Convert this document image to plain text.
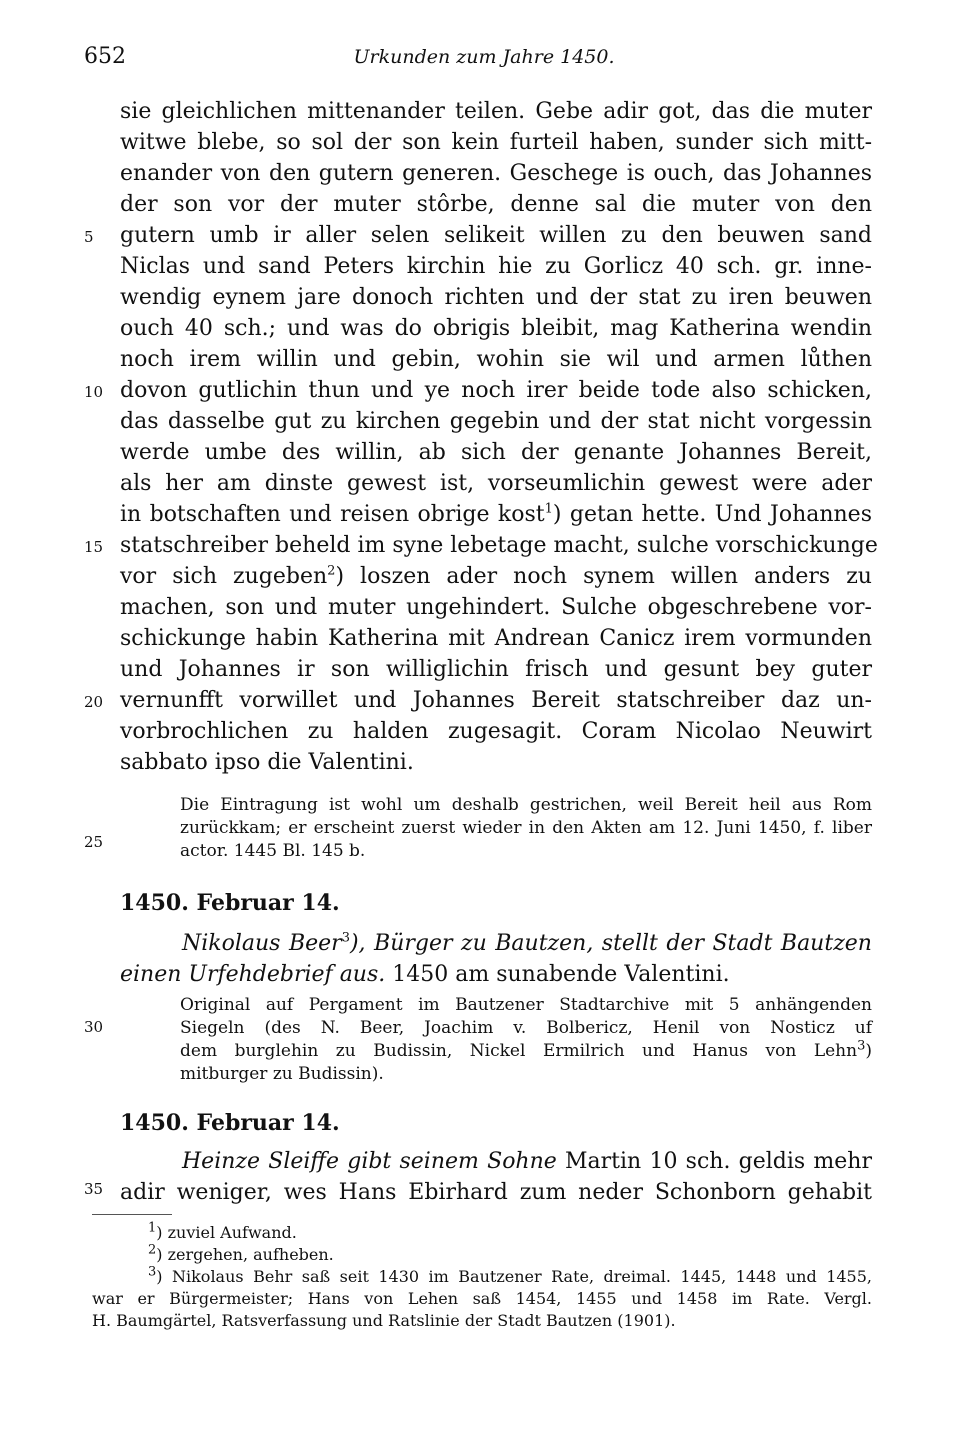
652	Urkunden zum Jahre 1450.
sie gleichlichen mittenander teilen. Gebe adir got, das die muter
witwe blebe, so sol der son kein furteil haben, sunder sich mitt-
enander von den gutern generen. Geschege is ouch, das Johannes
der son vor der muter stôrbe, denne sal die muter von den
gutern umb ir aller selen selikeit willen zu den beuwen sand
Niclas und sand Peters kirchin hie zu Gorlicz 40 sch. gr. inne-
wendig eynem jare donoch richten und der stat zu iren beuwen
ouch 40 sch.; und was do obrigis bleibit, mag Katherina wendin
noch irem willin und gebin, wohin sie wil und armen lůthen
dovon gutlichin thun und ye noch irer beide tode also schicken,
das dasselbe gut zu kirchen gegebin und der stat nicht vorgessin
werde umbe des willin, ab sich der genante Johannes Bereit,
als her am dinste gewest ist, vorseumlichin gewest were ader
in botschaften und reisen obrige kost$^1$) getan hette. Und Johannes
statschreiber beheld im syne lebetage macht, sulche vorschickunge
vor sich zugeben$^2$) loszen ader noch synem willen anders zu
machen, son und muter ungehindert. Sulche obgeschrebene vor-
schickunge habin Katherina mit Andrean Canicz irem vormunden
und Johannes ir son williglichin frisch und gesunt bey guter
vernunfft vorwillet und Johannes Bereit statschreiber daz un-
vorbrochlichen zu halden zugesagit. Coram Nicolao Neuwirt
sabbato ipso die Valentini.
5
10
15
20
25
30
35
Die Eintragung ist wohl um deshalb gestrichen, weil Bereit heil aus Rom
zurückkam; er erscheint zuerst wieder in den Akten am 12. Juni 1450, f. liber
actor. 1445 Bl. 145 b.
1450. Februar 14.
Nikolaus Beer$^3$), Bürger zu Bautzen, stellt der Stadt Bautzen
einen Urfehdebrief aus. 1450 am sunabende Valentini.
Original auf Pergament im Bautzener Stadtarchive mit 5 anhängenden
Siegeln (des N. Beer, Joachim v. Bolbericz, Henil von Nosticz uf
dem burglehin zu Budissin, Nickel Ermilrich und Hanus von Lehn$^3$)
mitburger zu Budissin).
1450. Februar 14.
Heinze Sleiffe gibt seinem Sohne Martin 10 sch. geldis mehr
adir weniger, wes Hans Ebirhard zum neder Schonborn gehabit
$^1$) zuviel Aufwand.
$^2$) zergehen, aufheben.
$^3$) Nikolaus Behr saß seit 1430 im Bautzener Rate, dreimal. 1445, 1448 und 1455,
war er Bürgermeister; Hans von Lehen saß 1454, 1455 und 1458 im Rate. Vergl.
H. Baumgärtel, Ratsverfassung und Ratslinie der Stadt Bautzen (1901).
